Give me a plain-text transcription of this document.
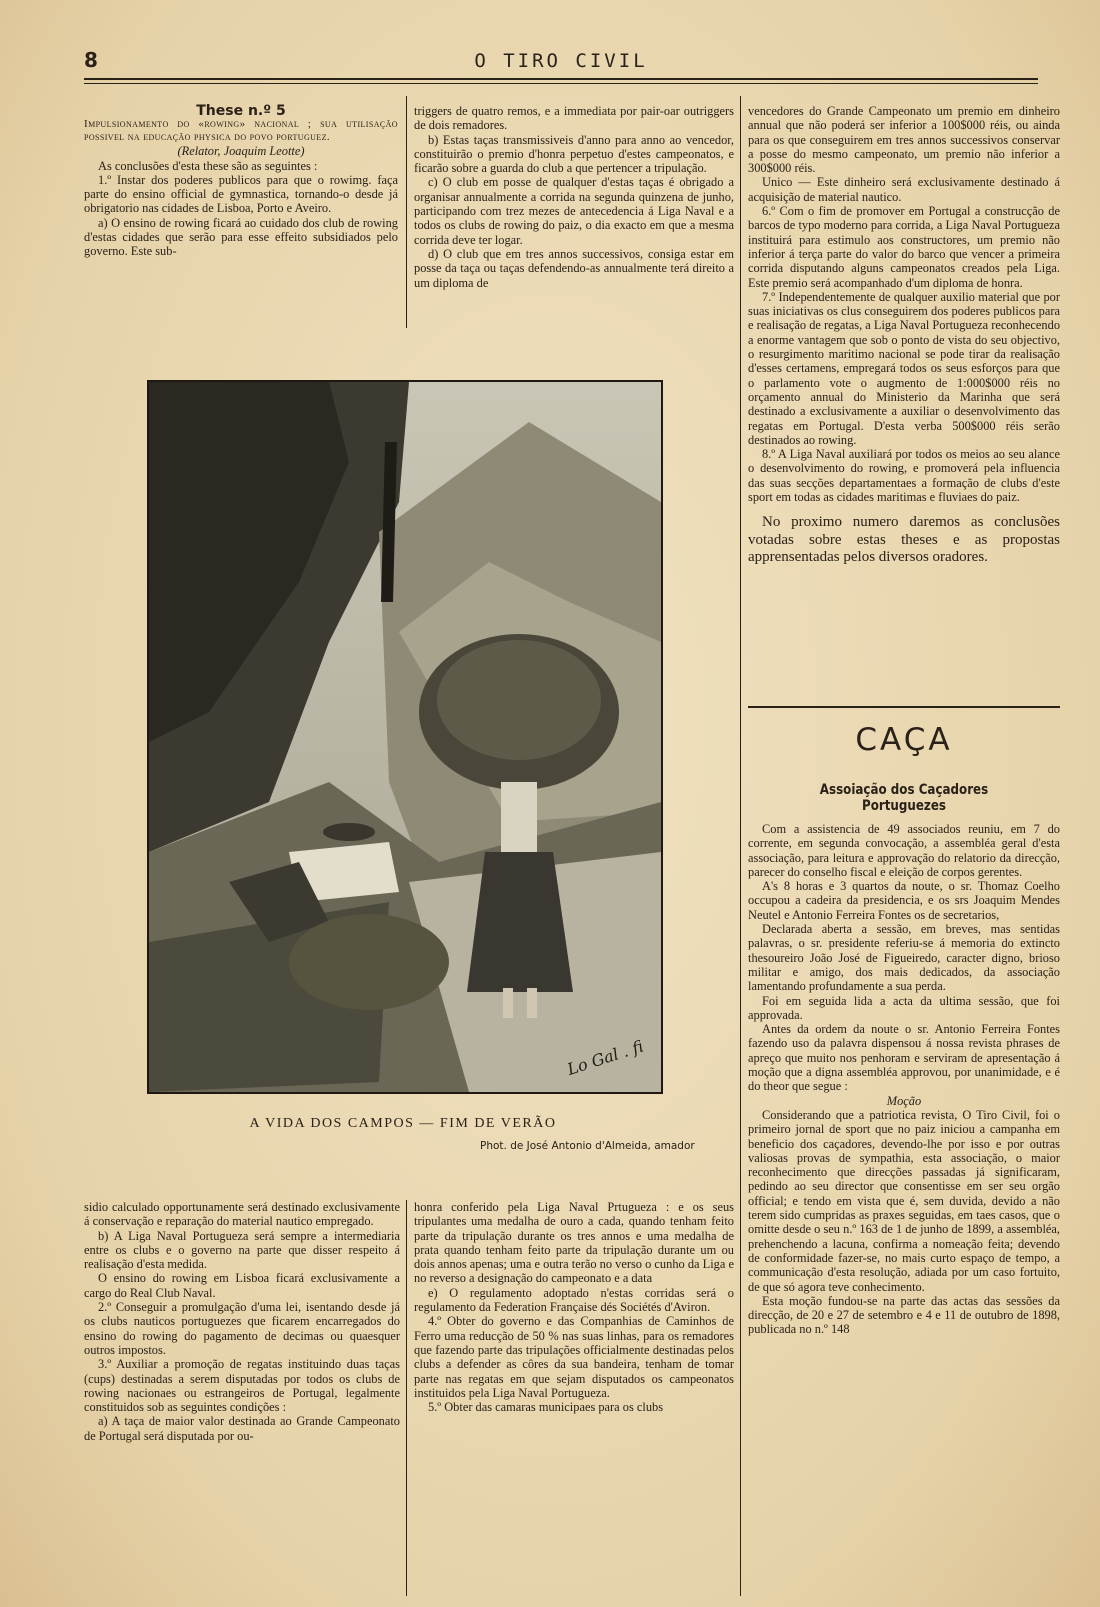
8	O TIRO CIVIL

These n.º 5

Impulsionamento do «rowing» nacional ; sua utilisação possivel na educação physica do povo portuguez.

(Relator, Joaquim Leotte)

As conclusões d'esta these são as seguintes :

1.º Instar dos poderes publicos para que o rowimg. faça parte do ensino official de gymnastica, tornando-o desde já obrigatorio nas cidades de Lisboa, Porto e Aveiro.

a) O ensino de rowing ficará ao cuidado dos club de rowing d'estas cidades que serão para esse effeito subsidiados pelo governo. Este sub-

triggers de quatro remos, e a immediata por pair-oar outriggers de dois remadores.

b) Estas taças transmissiveis d'anno para anno ao vencedor, constituirão o premio d'honra perpetuo d'estes campeonatos, e ficarão sobre a guarda do club a que pertencer a tripulação.

c) O club em posse de qualquer d'estas taças é obrigado a organisar annualmente a corrida na segunda quinzena de junho, participando com trez mezes de antecedencia á Liga Naval e a todos os clubs de rowing do paiz, o dia exacto em que a mesma corrida deve ter logar.

d) O club que em tres annos successivos, consiga estar em posse da taça ou taças defendendo-as annualmente terá direito a um diploma de

vencedores do Grande Campeonato um premio em dinheiro annual que não poderá ser inferior a 100$000 réis, ou ainda para os que conseguirem em tres annos successivos conservar a posse do mesmo campeonato, um premio não inferior a 300$000 réis.

Unico — Este dinheiro será exclusivamente destinado á acquisição de material nautico.

6.º Com o fim de promover em Portugal a construcção de barcos de typo moderno para corrida, a Liga Naval Portugueza instituirá para estimulo aos constructores, um premio não inferior á terça parte do valor do barco que vencer a primeira corrida disputando alguns campeonatos creados pela Liga. Este premio será acompanhado d'um diploma de honra.

7.º Independentemente de qualquer auxilio material que por suas iniciativas os clus conseguirem dos poderes publicos para e realisação de regatas, a Liga Naval Portugueza reconhecendo a enorme vantagem que sob o ponto de vista do seu objectivo, o resurgimento maritimo nacional se pode tirar da realisação d'esses certamens, empregará todos os seus esforços para que o parlamento vote o augmento de 1:000$000 réis no orçamento annual do Ministerio da Marinha que será destinado a exclusivamente a auxiliar o desenvolvimento das regatas em Portugal. D'esta verba 500$000 réis serão destinados ao rowing.

8.º A Liga Naval auxiliará por todos os meios ao seu alance o desenvolvimento do rowing, e promoverá pela influencia das suas secções departamentaes a formação de clubs d'este sport em todas as cidades maritimas e fluviaes do paiz.

No proximo numero daremos as conclusões votadas sobre estas theses e as propostas apprensentadas pelos diversos oradores.

CAÇA
Assoiação dos Caçadores Portuguezes

Com a assistencia de 49 associados reuniu, em 7 do corrente, em segunda convocação, a assembléa geral d'esta associação, para leitura e approvação do relatorio da direcção, parecer do conselho fiscal e eleição de corpos gerentes.

A's 8 horas e 3 quartos da noute, o sr. Thomaz Coelho occupou a cadeira da presidencia, e os srs Joaquim Mendes Neutel e Antonio Ferreira Fontes os de secretarios,

Declarada aberta a sessão, em breves, mas sentidas palavras, o sr. presidente referiu-se á memoria do extincto thesoureiro João José de Figueiredo, caracter digno, brioso militar e amigo, dos mais dedicados, da associação lamentando profundamente a sua perda.

Foi em seguida lida a acta da ultima sessão, que foi approvada.

Antes da ordem da noute o sr. Antonio Ferreira Fontes fazendo uso da palavra dispensou á nossa revista phrases de apreço que muito nos penhoram e serviram de apresentação á moção que a digna assembléa approvou, por unanimidade, e é do theor que segue :

Moção

Considerando que a patriotica revista, O Tiro Civil, foi o primeiro jornal de sport que no paiz iniciou a campanha em beneficio dos caçadores, devendo-lhe por isso e por outras valiosas provas de sympathia, esta associação, o maior reconhecimento que direcções passadas já significaram, pedindo ao seu director que consentisse em ser seu orgão official; e tendo em vista que é, sem duvida, devido a não terem sido cumpridas as praxes seguidas, em taes casos, que o omitte desde o seu n.º 163 de 1 de junho de 1899, a assembléa, prehenchendo a lacuna, confirma a nomeação feita; devendo de conformidade fazer-se, no mais curto espaço de tempo, a communicação d'esta resolução, adiada por um caso fortuito, de que só agora teve conhecimento.

Esta moção fundou-se na parte das actas das sessões da direcção, de 20 e 27 de setembro e 4 e 11 de outubro de 1898, publicada no n.º 148

Lo Gal . fi
A VIDA DOS CAMPOS — FIM DE VERÃO
Phot. de José Antonio d'Almeida, amador

sidio calculado opportunamente será destinado exclusivamente á conservação e reparação do material nautico empregado.

b) A Liga Naval Portugueza será sempre a intermediaria entre os clubs e o governo na parte que disser respeito á realisação d'esta medida.

O ensino do rowing em Lisboa ficará exclusivamente a cargo do Real Club Naval.

2.º Conseguir a promulgação d'uma lei, isentando desde já os clubs nauticos portuguezes que ficarem encarregados do ensino do rowing do pagamento de decimas ou quaesquer outros impostos.

3.º Auxiliar a promoção de regatas instituindo duas taças (cups) destinadas a serem disputadas por todos os clubs de rowing nacionaes ou estrangeiros de Portugal, legalmente constituidos sob as seguintes condições :

a) A taça de maior valor destinada ao Grande Campeonato de Portugal será disputada por ou-

honra conferido pela Liga Naval Prtugueza : e os seus tripulantes uma medalha de ouro a cada, quando tenham feito parte da tripulação durante os tres annos e uma medalha de prata quando tenham feito parte da tripulação durante um ou dois annos apenas; uma e outra terão no verso o cunho da Liga e no reverso a designação do campeonato e a data

e) O regulamento adoptado n'estas corridas será o regulamento da Federation Française dés Sociétés d'Aviron.

4.º Obter do governo e das Companhias de Caminhos de Ferro uma reducção de 50 % nas suas linhas, para os remadores que fazendo parte das tripulações officialmente destinadas pelos clubs a defender as côres da sua bandeira, tenham de tomar parte nas regatas em que sejam disputados os campeonatos instituidos pela Liga Naval Portugueza.

5.º Obter das camaras municipaes para os clubs
